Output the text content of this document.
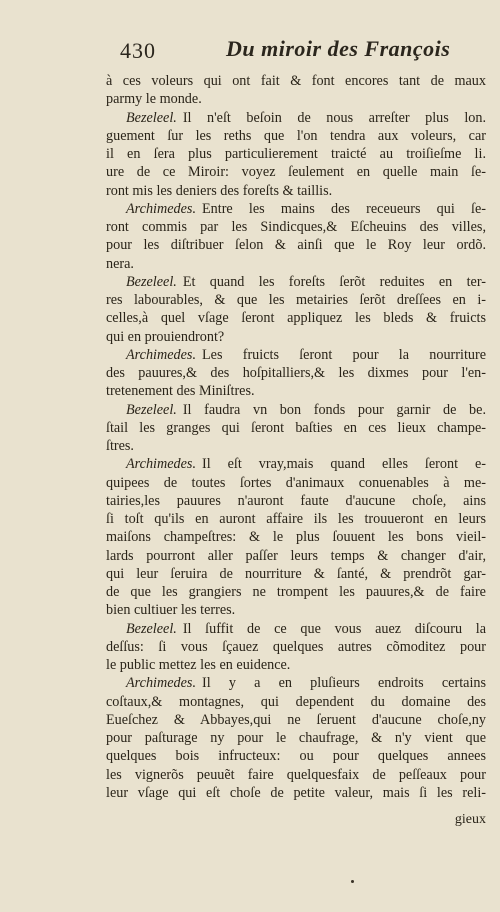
430	Du miroir des François
à ces voleurs qui ont fait & font encores tant de maux
parmy le monde.
Bezeleel. Il n'eſt beſoin de nous arreſter plus lon.
guement ſur les reths que l'on tendra aux voleurs, car
il en ſera plus particulierement traicté au troiſieſme li.
ure de ce Miroir: voyez ſeulement en quelle main ſe-
ront mis les deniers des foreſts & taillis.
Archimedes. Entre les mains des receueurs qui ſe-
ront commis par les Sindicques,& Eſcheuins des villes,
pour les diſtribuer ſelon & ainſi que le Roy leur ordõ.
nera.
Bezeleel. Et quand les foreſts ſerõt reduites en ter-
res labourables, & que les metairies ſerõt dreſſees en i-
celles,à quel vſage ſeront appliquez les bleds & fruicts
qui en prouiendront?
Archimedes. Les fruicts ſeront pour la nourriture
des pauures,& des hoſpitalliers,& les dixmes pour l'en-
tretenement des Miniſtres.
Bezeleel. Il faudra vn bon fonds pour garnir de be.
ſtail les granges qui ſeront baſties en ces lieux champe-
ſtres.
Archimedes. Il eſt vray,mais quand elles ſeront e-
quipees de toutes ſortes d'animaux conuenables à me-
tairies,les pauures n'auront faute d'aucune choſe, ains
ſi toſt qu'ils en auront affaire ils les trouueront en leurs
maiſons champeſtres: & le plus ſouuent les bons vieil-
lards pourront aller paſſer leurs temps & changer d'air,
qui leur ſeruira de nourriture & ſanté, & prendrõt gar-
de que les grangiers ne trompent les pauures,& de faire
bien cultiuer les terres.
Bezeleel. Il ſuffit de ce que vous auez diſcouru la
deſſus: ſi vous ſçauez quelques autres cõmoditez pour
le public mettez les en euidence.
Archimedes. Il y a en pluſieurs endroits certains
coſtaux,& montagnes, qui dependent du domaine des
Eueſchez & Abbayes,qui ne ſeruent d'aucune choſe,ny
pour paſturage ny pour le chaufrage, & n'y vient que
quelques bois infructeux: ou pour quelques annees
les vignerõs peuuẽt faire quelquesfaix de peſſeaux pour
leur vſage qui eſt choſe de petite valeur, mais ſi les reli-
gieux
